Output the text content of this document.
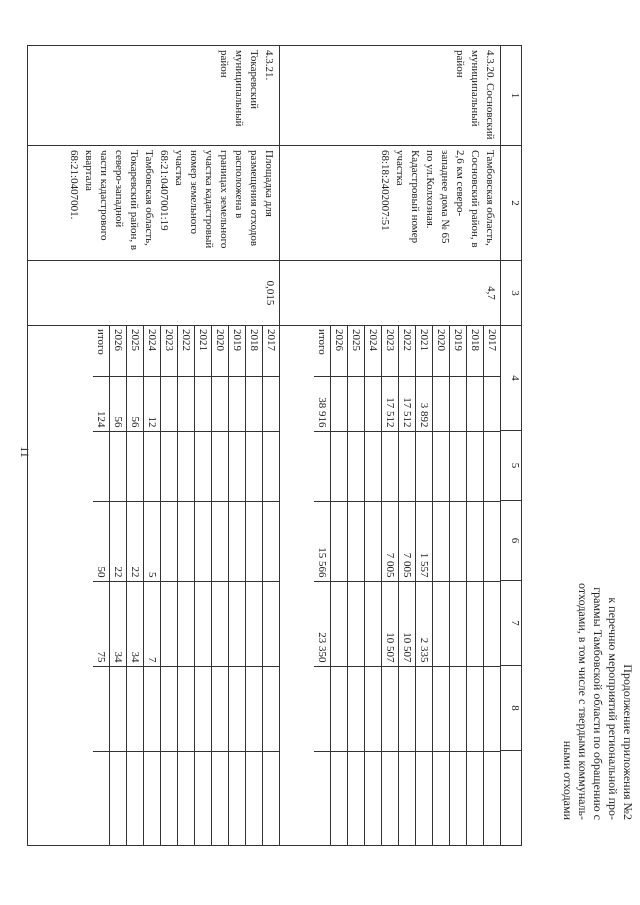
11
Продолжение приложения №2
к перечню мероприятий региональной про-
граммы Тамбовской области по обращению с
отходами, в том числе с твердыми коммуналь-
ными отходами
1	2	3	4	5	6	7	8	

4.3.20. Сосновский муниципальный район

Тамбовская область, Сосновский район, в 2,6 км северо-западнее дома № 65 по ул.Колхозная. Кадастровый номер участка 68:18:2402007:51

4,7

2017						
2018						
2019						
2020						
2021	3 892		1 557	2 335		
2022	17 512		7 005	10 507		
2023	17 512		7 005	10 507		
2024						
2025						
2026						
итого	38 916		15 566	23 350		

4.3.21. Токаревский муниципальный район

Площадка для размещения отходов расположена в границах земельного участка кадастровый номер земельного участка 68:21:0407001:19 Тамбовская область, Токаревский район, в северо-западной части кадастрового квартала 68:21:0407001.

0,015

2017						
2018						
2019						
2020						
2021						
2022						
2023						
2024	12		5	7		
2025	56		22	34		
2026	56		22	34		
итого	124		50	75		
